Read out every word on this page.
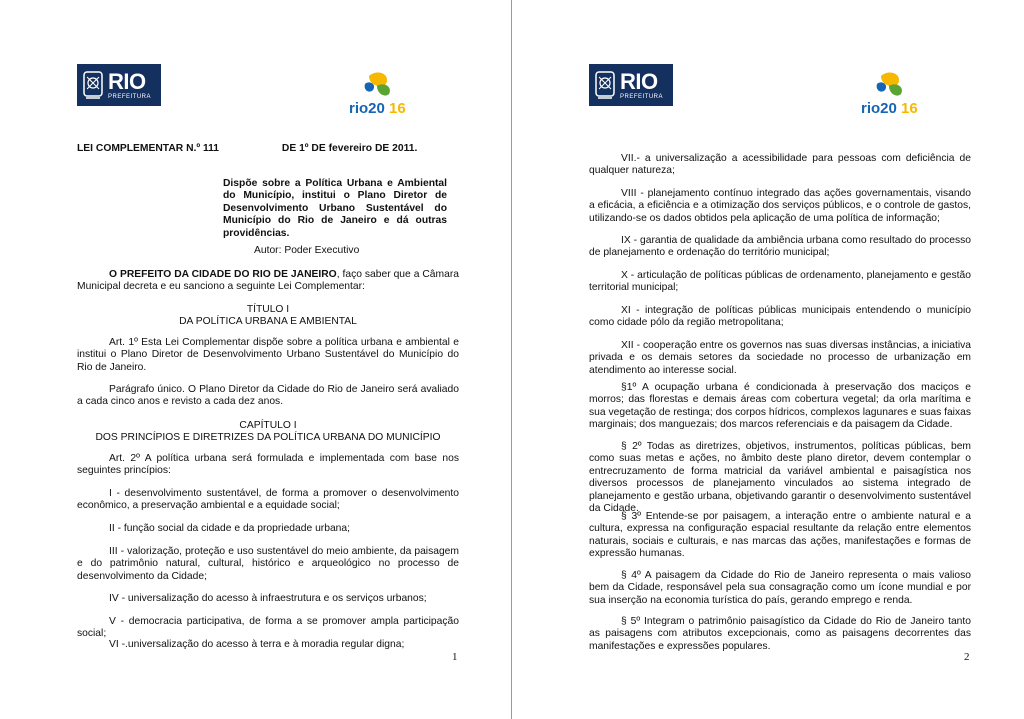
RIO
PREFEITURA
rio20 16
LEI COMPLEMENTAR N.º 111	DE 1º DE fevereiro DE 2011.
Dispõe sobre a Política Urbana e Ambiental do Município, institui o Plano Diretor de Desenvolvimento Urbano Sustentável do Município do Rio de Janeiro e dá outras providências.
Autor: Poder Executivo
O PREFEITO DA CIDADE DO RIO DE JANEIRO, faço saber que a Câmara Municipal decreta e eu sanciono a seguinte Lei Complementar:

TÍTULO I

DA POLÍTICA URBANA E AMBIENTAL

Art. 1º Esta Lei Complementar dispõe sobre a política urbana e ambiental e institui o Plano Diretor de Desenvolvimento Urbano Sustentável do Município do Rio de Janeiro.
Parágrafo único. O Plano Diretor da Cidade do Rio de Janeiro será avaliado a cada cinco anos e revisto a cada dez anos.

CAPÍTULO I

DOS PRINCÍPIOS E DIRETRIZES DA POLÍTICA URBANA DO MUNICÍPIO

Art. 2º A política urbana será formulada e implementada com base nos seguintes princípios:
I - desenvolvimento sustentável, de forma a promover o desenvolvimento econômico, a preservação ambiental e a equidade social;
II - função social da cidade e da propriedade urbana;
III - valorização, proteção e uso sustentável do meio ambiente, da paisagem e do patrimônio natural, cultural, histórico e arqueológico no processo de desenvolvimento da Cidade;
IV - universalização do acesso à infraestrutura e os serviços urbanos;
V - democracia participativa, de forma a se promover ampla participação social;
VI -.universalização do acesso à terra e à moradia regular digna;
1
RIO
PREFEITURA
rio20 16
VII.- a universalização a acessibilidade para pessoas com deficiência de qualquer natureza;
VIII - planejamento contínuo integrado das ações governamentais, visando a eficácia, a eficiência e a otimização dos serviços públicos, e o controle de gastos, utilizando-se os dados obtidos pela aplicação de uma política de informação;
IX - garantia de qualidade da ambiência urbana como resultado do processo de planejamento e ordenação do território municipal;
X - articulação de políticas públicas de ordenamento, planejamento e gestão territorial municipal;
XI - integração de políticas públicas municipais entendendo o município como cidade pólo da região metropolitana;
XII - cooperação entre os governos nas suas diversas instâncias, a iniciativa privada e os demais setores da sociedade no processo de urbanização em atendimento ao interesse social.
§1º A ocupação urbana é condicionada à preservação dos maciços e morros; das florestas e demais áreas com cobertura vegetal; da orla marítima e sua vegetação de restinga; dos corpos hídricos, complexos lagunares e suas faixas marginais; dos manguezais; dos marcos referenciais e da paisagem da Cidade.
§ 2º Todas as diretrizes, objetivos, instrumentos, políticas públicas, bem como suas metas e ações, no âmbito deste plano diretor, devem contemplar o entrecruzamento de forma matricial da variável ambiental e paisagística nos diversos processos de planejamento vinculados ao sistema integrado de planejamento e gestão urbana, objetivando garantir o desenvolvimento sustentável da Cidade.
§ 3º Entende-se por paisagem, a interação entre o ambiente natural e a cultura, expressa na configuração espacial resultante da relação entre elementos naturais, sociais e culturais, e nas marcas das ações, manifestações e formas de expressão humanas.
§ 4º A paisagem da Cidade do Rio de Janeiro representa o mais valioso bem da Cidade, responsável pela sua consagração como um ícone mundial e por sua inserção na economia turística do país, gerando emprego e renda.
§ 5º Integram o patrimônio paisagístico da Cidade do Rio de Janeiro tanto as paisagens com atributos excepcionais, como as paisagens decorrentes das manifestações e expressões populares.
2
